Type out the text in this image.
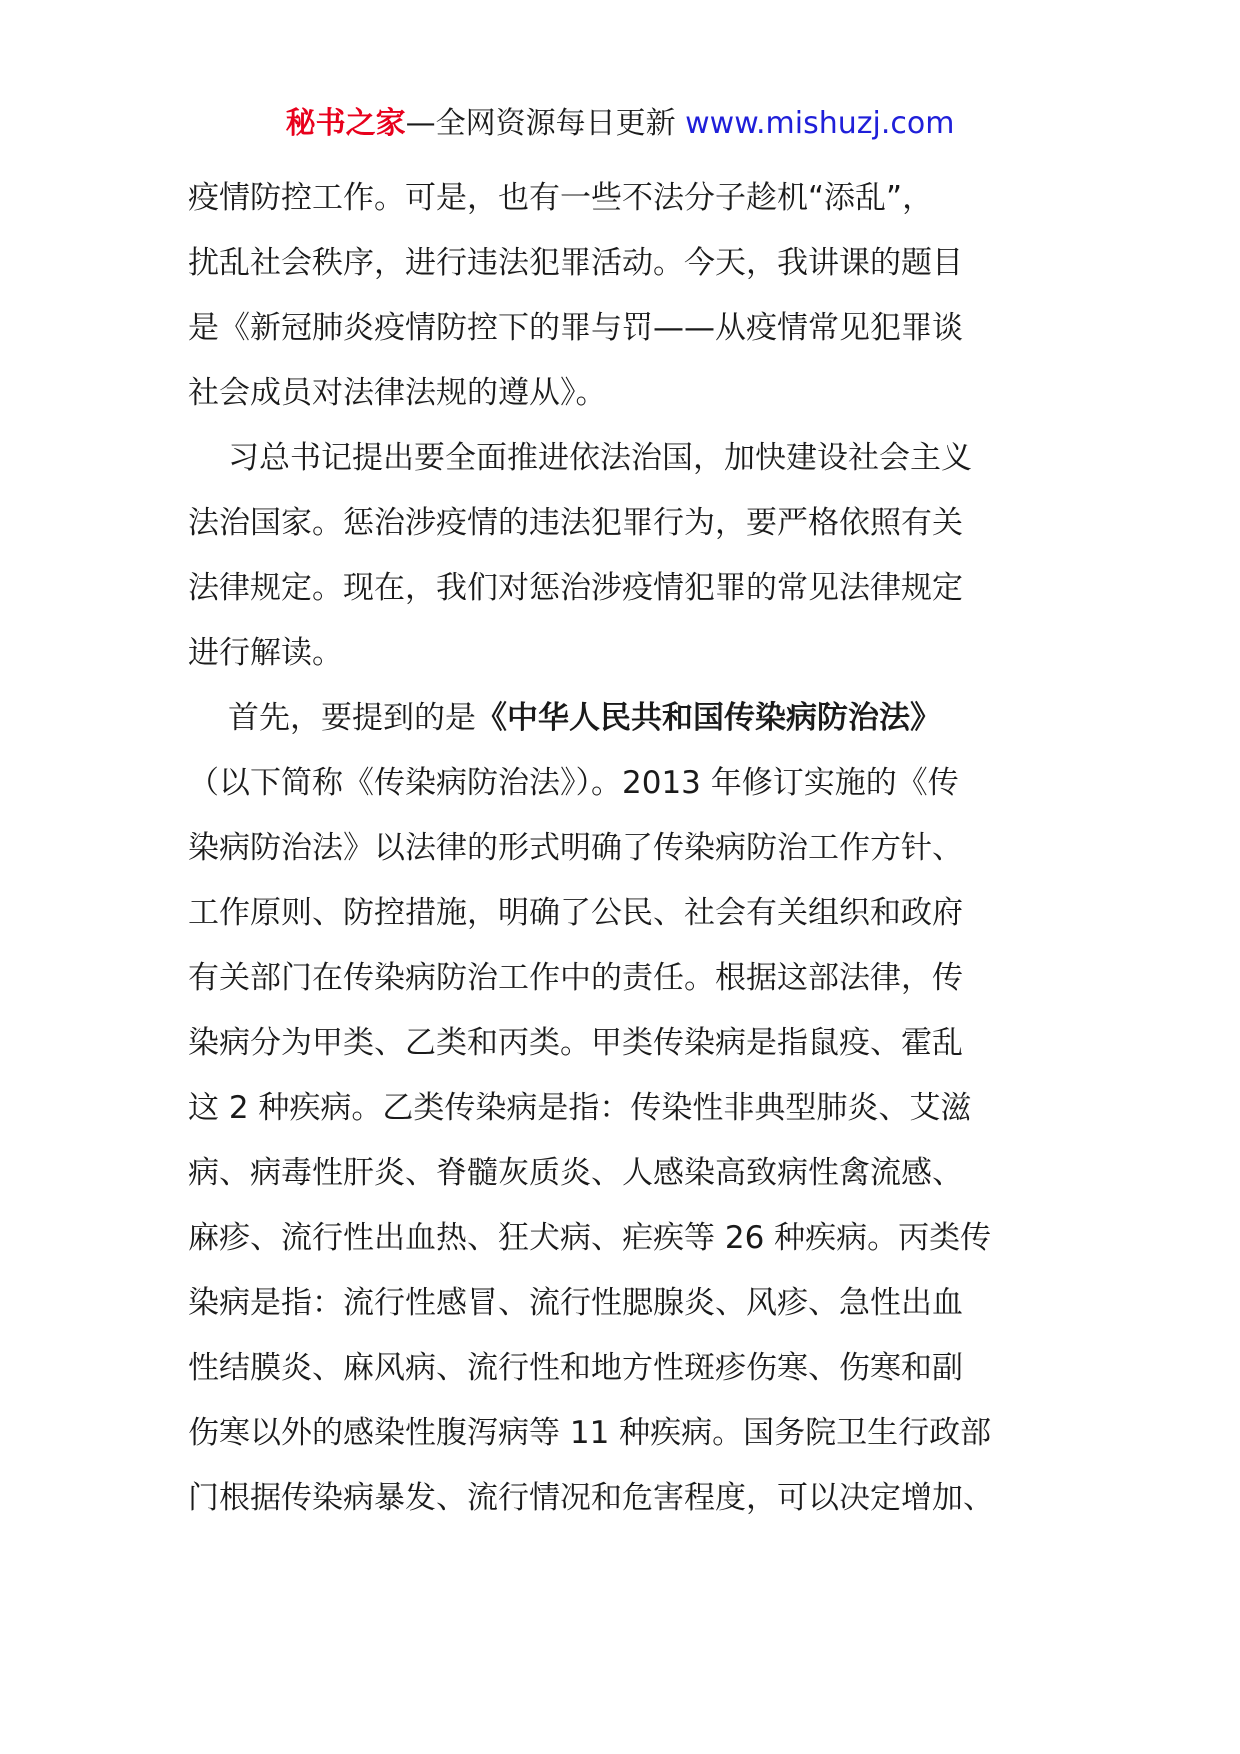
秘书之家—全网资源每日更新 www.mishuzj.com
疫情防控工作。可是，也有一些不法分子趁机“添乱”，
扰乱社会秩序，进行违法犯罪活动。今天，我讲课的题目
是《新冠肺炎疫情防控下的罪与罚——从疫情常见犯罪谈
社会成员对法律法规的遵从》。
习总书记提出要全面推进依法治国，加快建设社会主义
法治国家。惩治涉疫情的违法犯罪行为，要严格依照有关
法律规定。现在，我们对惩治涉疫情犯罪的常见法律规定
进行解读。
首先，要提到的是《中华人民共和国传染病防治法》
（以下简称《传染病防治法》）。2013 年修订实施的《传
染病防治法》以法律的形式明确了传染病防治工作方针、
工作原则、防控措施，明确了公民、社会有关组织和政府
有关部门在传染病防治工作中的责任。根据这部法律，传
染病分为甲类、乙类和丙类。甲类传染病是指鼠疫、霍乱
这 2 种疾病。乙类传染病是指：传染性非典型肺炎、艾滋
病、病毒性肝炎、脊髓灰质炎、人感染高致病性禽流感、
麻疹、流行性出血热、狂犬病、疟疾等 26 种疾病。丙类传
染病是指：流行性感冒、流行性腮腺炎、风疹、急性出血
性结膜炎、麻风病、流行性和地方性斑疹伤寒、伤寒和副
伤寒以外的感染性腹泻病等 11 种疾病。国务院卫生行政部
门根据传染病暴发、流行情况和危害程度，可以决定增加、
